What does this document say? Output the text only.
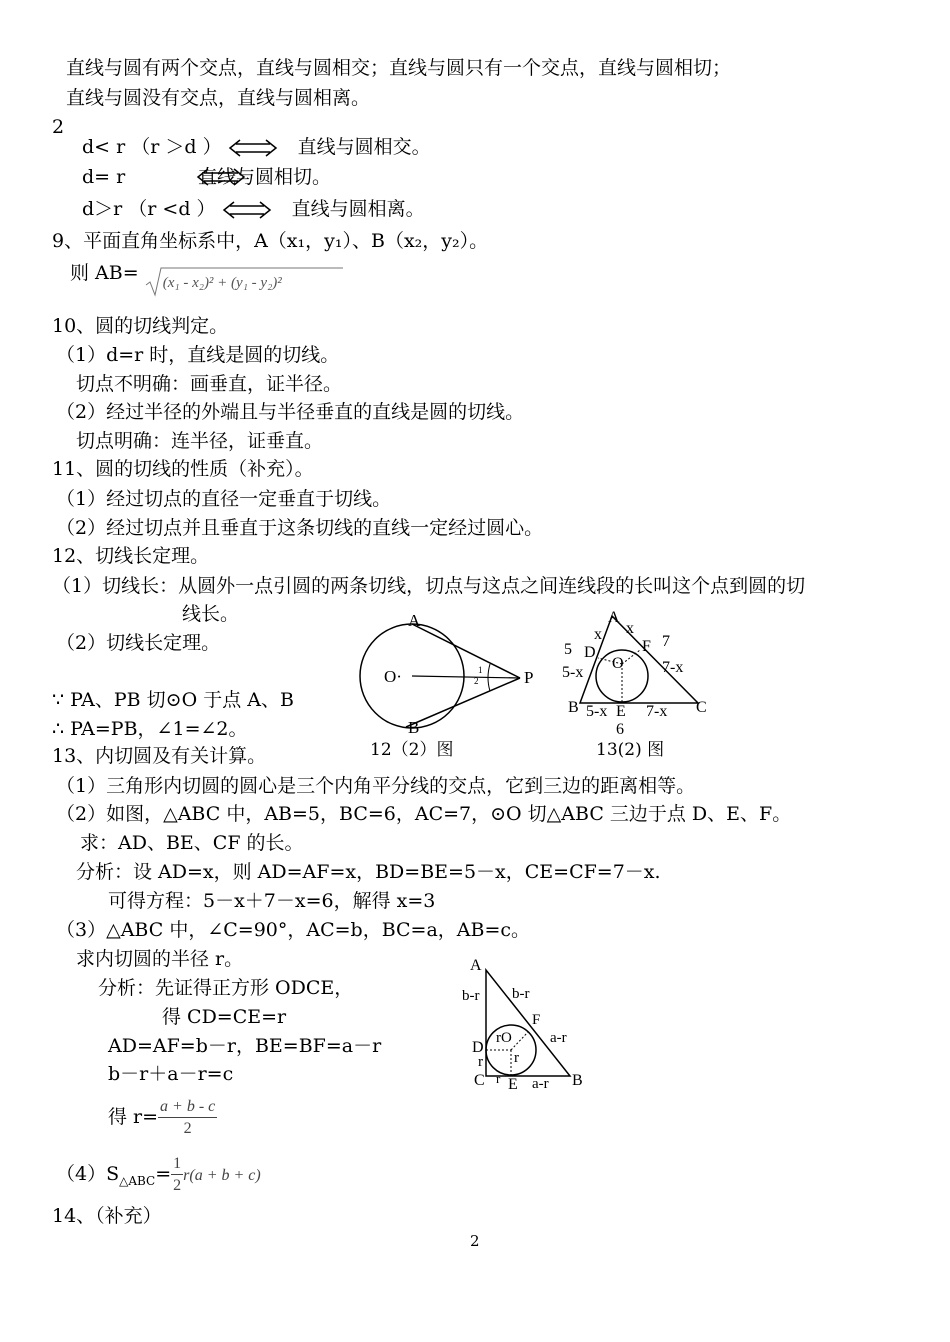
直线与圆有两个交点，直线与圆相交；直线与圆只有一个交点，直线与圆相切；
直线与圆没有交点，直线与圆相离。
2
d< r （r ＞d ）	直线与圆相交。
d= r	直线与圆相切。
d＞r （r <d ）	直线与圆相离。
9、平面直角坐标系中，A（x₁，y₁）、B（x₂，y₂）。
则 AB= (x₁ - x₂)² + (y₁ - y₂)²
10、圆的切线判定。
（1）d=r 时，直线是圆的切线。
切点不明确：画垂直，证半径。
（2）经过半径的外端且与半径垂直的直线是圆的切线。
切点明确：连半径，证垂直。
11、圆的切线的性质（补充）。
（1）经过切点的直径一定垂直于切线。
（2）经过切点并且垂直于这条切线的直线一定经过圆心。
12、切线长定理。
（1）切线长：从圆外一点引圆的两条切线，切点与这点之间连线段的长叫这个点到圆的切
线长。
（2）切线长定理。
∵ PA、PB 切⊙O 于点 A、B
∴ PA=PB，∠1=∠2。
A
B
O·	P
1
2
12（2）图
A
x x
5	7
D	F
O
5-x	7-x
B	C
E
5-x 7-x
6
13(2) 图
13、内切圆及有关计算。
（1）三角形内切圆的圆心是三个内角平分线的交点，它到三边的距离相等。
（2）如图，△ABC 中，AB=5，BC=6，AC=7，⊙O 切△ABC 三边于点 D、E、F。
求：AD、BE、CF 的长。
分析：设 AD=x，则 AD=AF=x，BD=BE=5－x，CE=CF=7－x.
可得方程：5－x＋7－x=6，解得 x=3
（3）△ABC 中，∠C=90°，AC=b，BC=a，AB=c。
求内切圆的半径 r。
分析：先证得正方形 ODCE，
得 CD=CE=r
AD=AF=b－r，BE=BF=a－r
b－r＋a－r=c
得 $r= \frac{a + b - c}{2}$
$(4)S_{\triangle ABC}= \frac{1}{2} r(a + b + c)$
A
b-r b-r
F
a-r
rO
D
r r
C r E a-r B
14、（补充）
2
